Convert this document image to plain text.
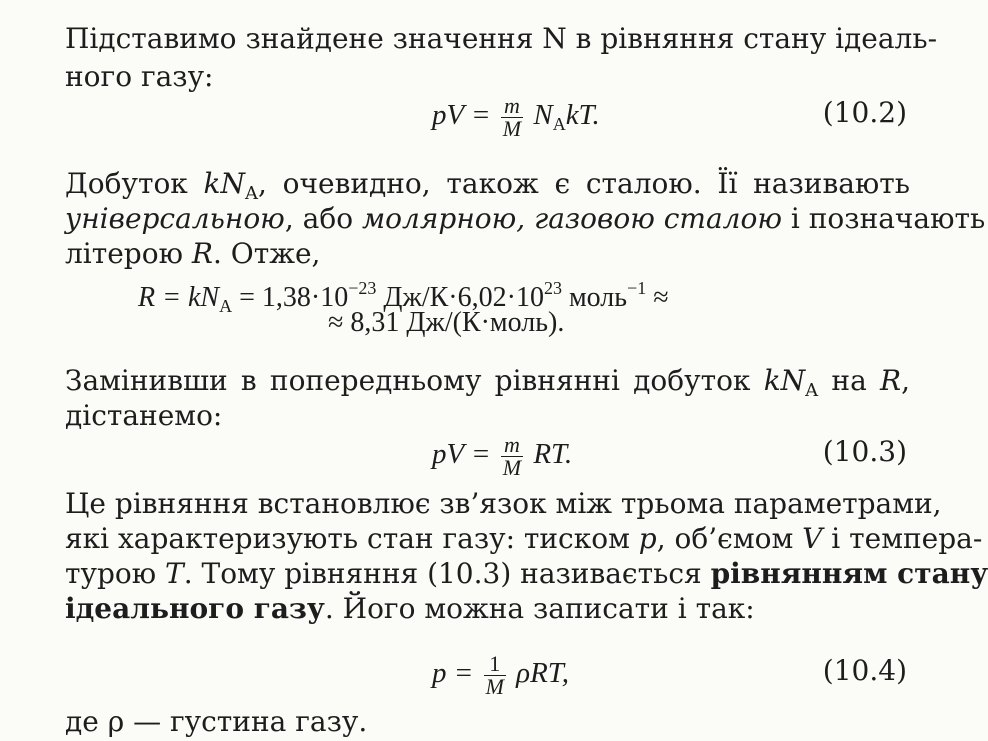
Підставимо знайдене значення N в рівняння стану ідеаль-
ного газу:
pV = $\frac{m}{M} N_AkT$.	(10.2)
Добуток $kN_A$, очевидно, також є сталою. Її називають
універсальною, або молярною, газовою сталою і позначають
літерою R. Отже,
$R = kN_A = 1,38\cdot 10^{-23}$ $Дж/К\cdot 6,02\cdot 10^{23}$ моль$^{-1}$ ≈
≈ 8,31 Дж/(К·моль).
Замінивши в попередньому рівнянні добуток $kN_A$ на R,
дістанемо:
pV = $\frac{m}{M}$ RT.	(10.3)
Це рівняння встановлює зв’язок між трьома параметрами,
які характеризують стан газу: тиском p, об’ємом V і темпера-
турою T. Тому рівняння (10.3) називається рівнянням стану
ідеального газу. Його можна записати і так:
$p = \frac{1}{M} \rho RT$,	(10.4)
де ρ — густина газу.
